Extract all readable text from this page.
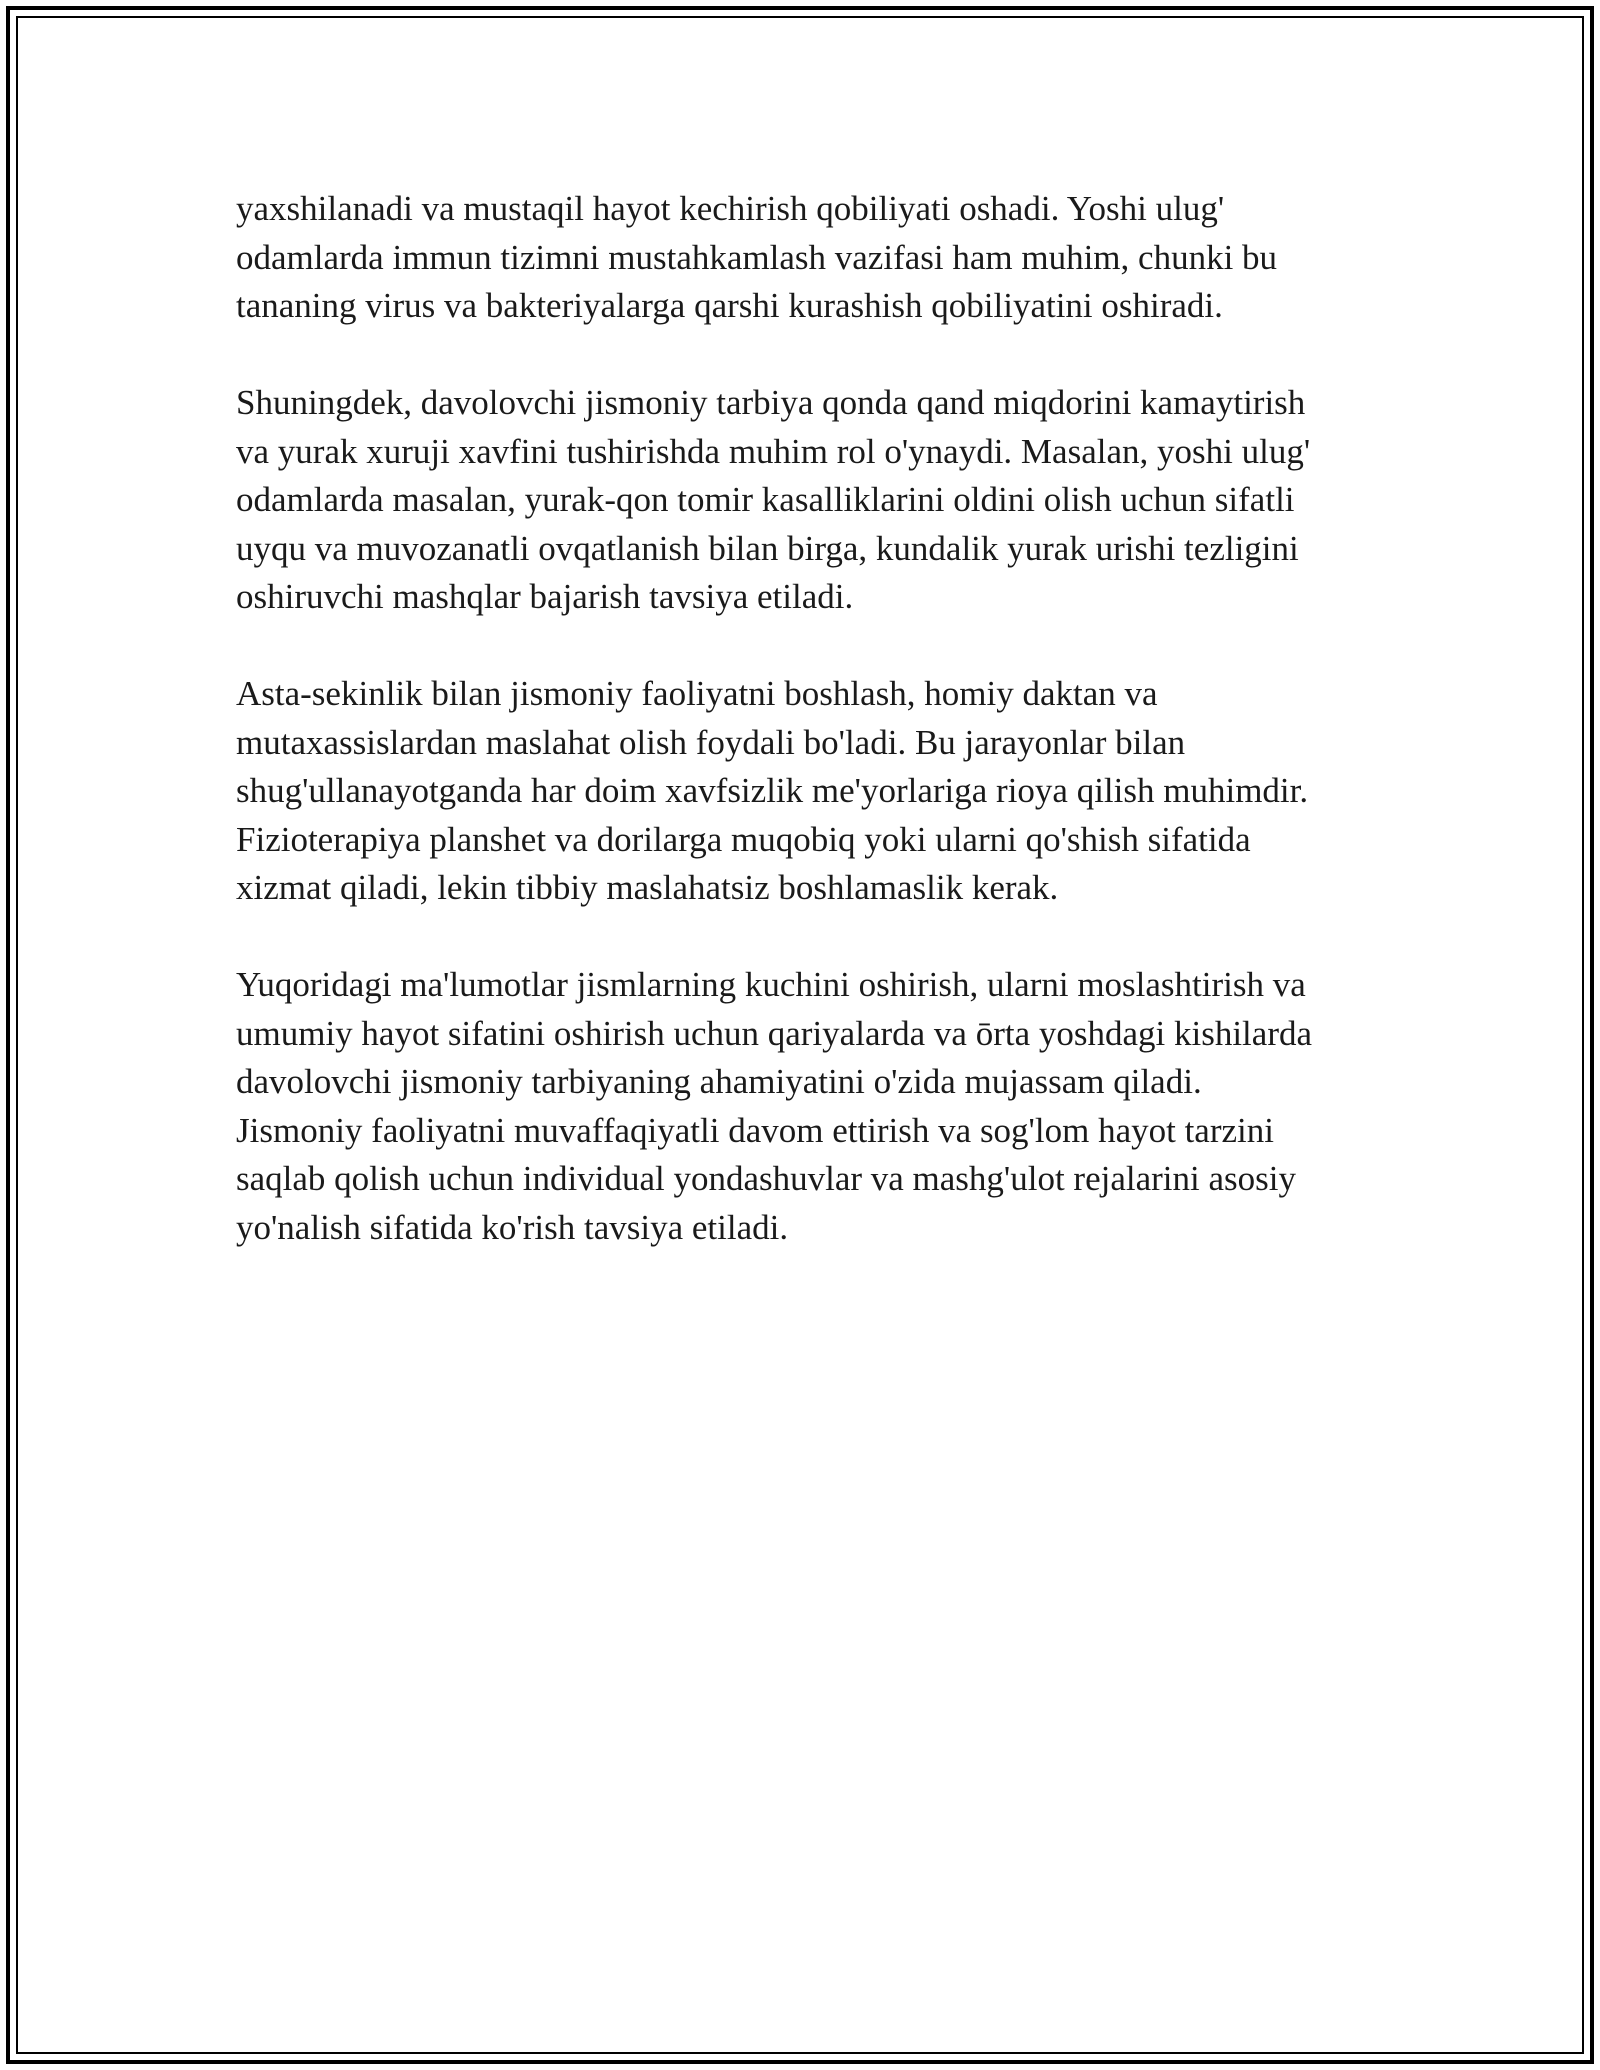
yaxshilanadi va mustaqil hayot kechirish qobiliyati oshadi. Yoshi ulug'
odamlarda immun tizimni mustahkamlash vazifasi ham muhim, chunki bu
tananing virus va bakteriyalarga qarshi kurashish qobiliyatini oshiradi.

Shuningdek, davolovchi jismoniy tarbiya qonda qand miqdorini kamaytirish
va yurak xuruji xavfini tushirishda muhim rol o'ynaydi. Masalan, yoshi ulug'
odamlarda masalan, yurak-qon tomir kasalliklarini oldini olish uchun sifatli
uyqu va muvozanatli ovqatlanish bilan birga, kundalik yurak urishi tezligini
oshiruvchi mashqlar bajarish tavsiya etiladi.

Asta-sekinlik bilan jismoniy faoliyatni boshlash, homiy daktan va
mutaxassislardan maslahat olish foydali bo'ladi. Bu jarayonlar bilan
shug'ullanayotganda har doim xavfsizlik me'yorlariga rioya qilish muhimdir.
Fizioterapiya planshet va dorilarga muqobiq yoki ularni qo'shish sifatida
xizmat qiladi, lekin tibbiy maslahatsiz boshlamaslik kerak.

Yuqoridagi ma'lumotlar jismlarning kuchini oshirish, ularni moslashtirish va
umumiy hayot sifatini oshirish uchun qariyalarda va ōrta yoshdagi kishilarda
davolovchi jismoniy tarbiyaning ahamiyatini o'zida mujassam qiladi.
Jismoniy faoliyatni muvaffaqiyatli davom ettirish va sog'lom hayot tarzini
saqlab qolish uchun individual yondashuvlar va mashg'ulot rejalarini asosiy
yo'nalish sifatida ko'rish tavsiya etiladi.
